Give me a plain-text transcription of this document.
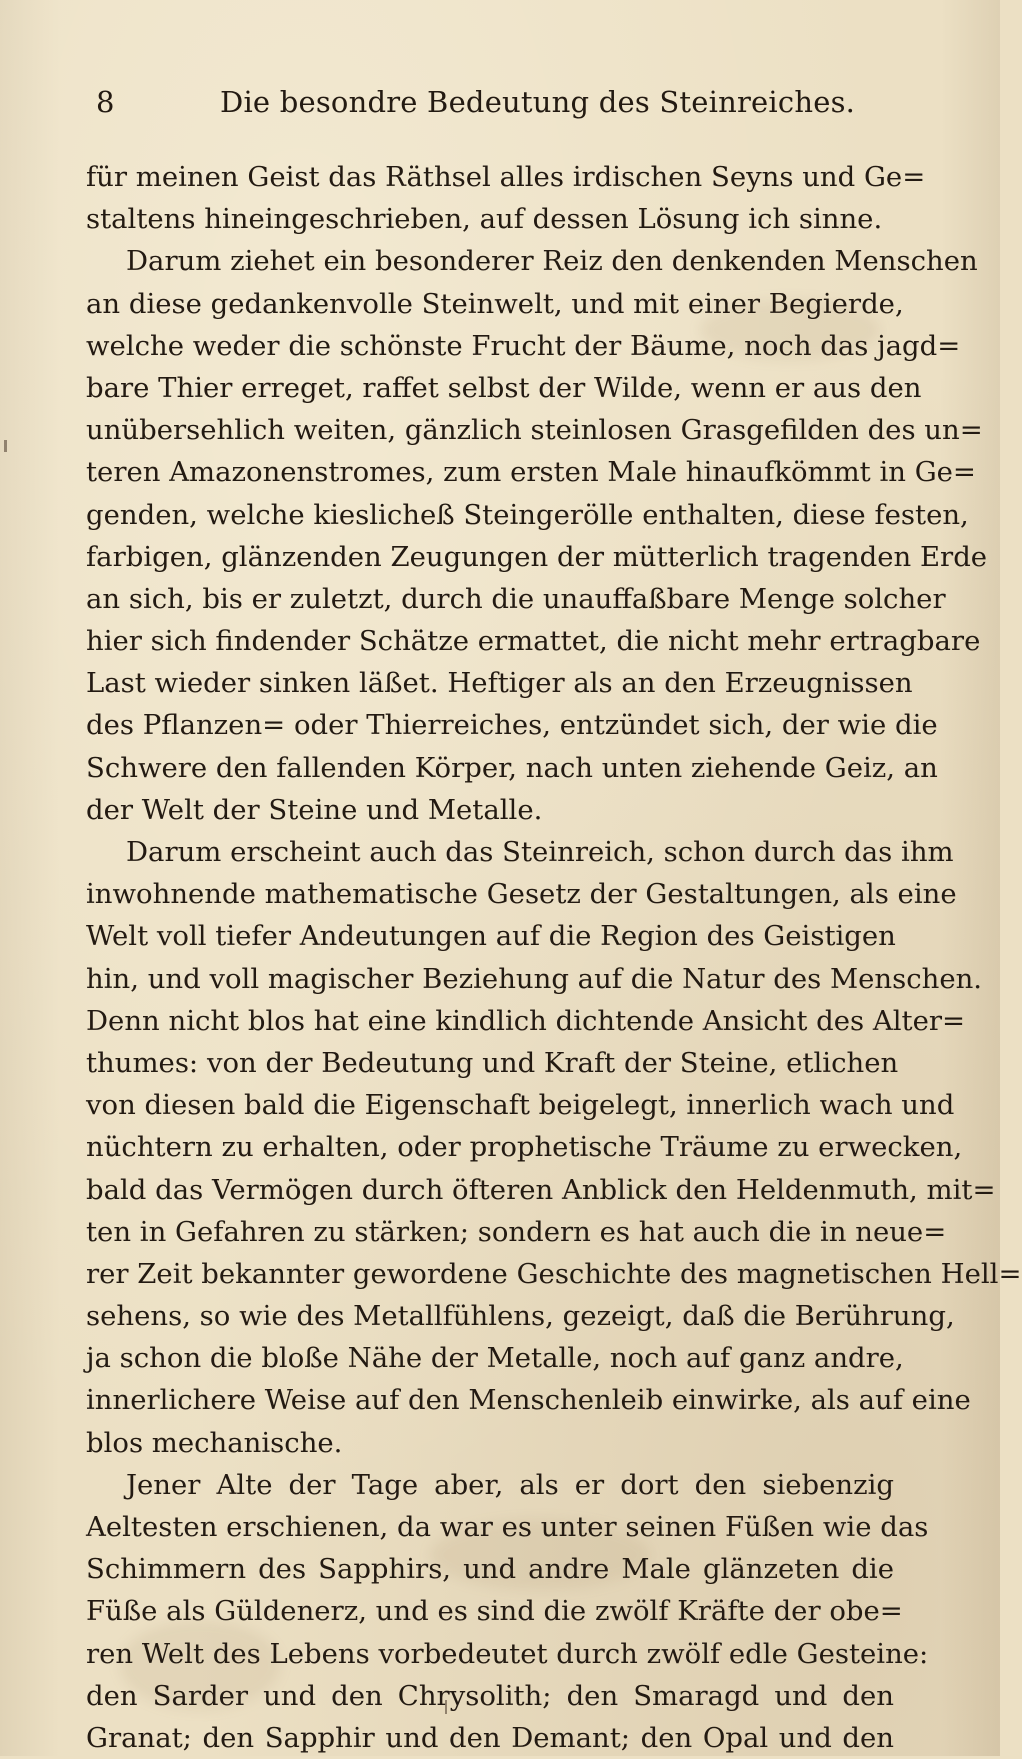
8	Die besondre Bedeutung des Steinreiches.
für meinen Geist das Räthsel alles irdischen Seyns und Ge=
staltens hineingeschrieben, auf dessen Lösung ich sinne.
Darum ziehet ein besonderer Reiz den denkenden Menschen
an diese gedankenvolle Steinwelt, und mit einer Begierde,
welche weder die schönste Frucht der Bäume, noch das jagd=
bare Thier erreget, raffet selbst der Wilde, wenn er aus den
unübersehlich weiten, gänzlich steinlosen Grasgefilden des un=
teren Amazonenstromes, zum ersten Male hinaufkömmt in Ge=
genden, welche kieslicheß Steingerölle enthalten, diese festen,
farbigen, glänzenden Zeugungen der mütterlich tragenden Erde
an sich, bis er zuletzt, durch die unauffaßbare Menge solcher
hier sich findender Schätze ermattet, die nicht mehr ertragbare
Last wieder sinken läßet. Heftiger als an den Erzeugnissen
des Pflanzen= oder Thierreiches, entzündet sich, der wie die
Schwere den fallenden Körper, nach unten ziehende Geiz, an
der Welt der Steine und Metalle.
Darum erscheint auch das Steinreich, schon durch das ihm
inwohnende mathematische Gesetz der Gestaltungen, als eine
Welt voll tiefer Andeutungen auf die Region des Geistigen
hin, und voll magischer Beziehung auf die Natur des Menschen.
Denn nicht blos hat eine kindlich dichtende Ansicht des Alter=
thumes: von der Bedeutung und Kraft der Steine, etlichen
von diesen bald die Eigenschaft beigelegt, innerlich wach und
nüchtern zu erhalten, oder prophetische Träume zu erwecken,
bald das Vermögen durch öfteren Anblick den Heldenmuth, mit=
ten in Gefahren zu stärken; sondern es hat auch die in neue=
rer Zeit bekannter gewordene Geschichte des magnetischen Hell=
sehens, so wie des Metallfühlens, gezeigt, daß die Berührung,
ja schon die bloße Nähe der Metalle, noch auf ganz andre,
innerlichere Weise auf den Menschenleib einwirke, als auf eine
blos mechanische.
Jener Alte der Tage aber, als er dort den siebenzig
Aeltesten erschienen, da war es unter seinen Füßen wie das
Schimmern des Sapphirs, und andre Male glänzeten die
Füße als Güldenerz, und es sind die zwölf Kräfte der obe=
ren Welt des Lebens vorbedeutet durch zwölf edle Gesteine:
den Sarder und den Chrysolith; den Smaragd und den
Granat; den Sapphir und den Demant; den Opal und den
